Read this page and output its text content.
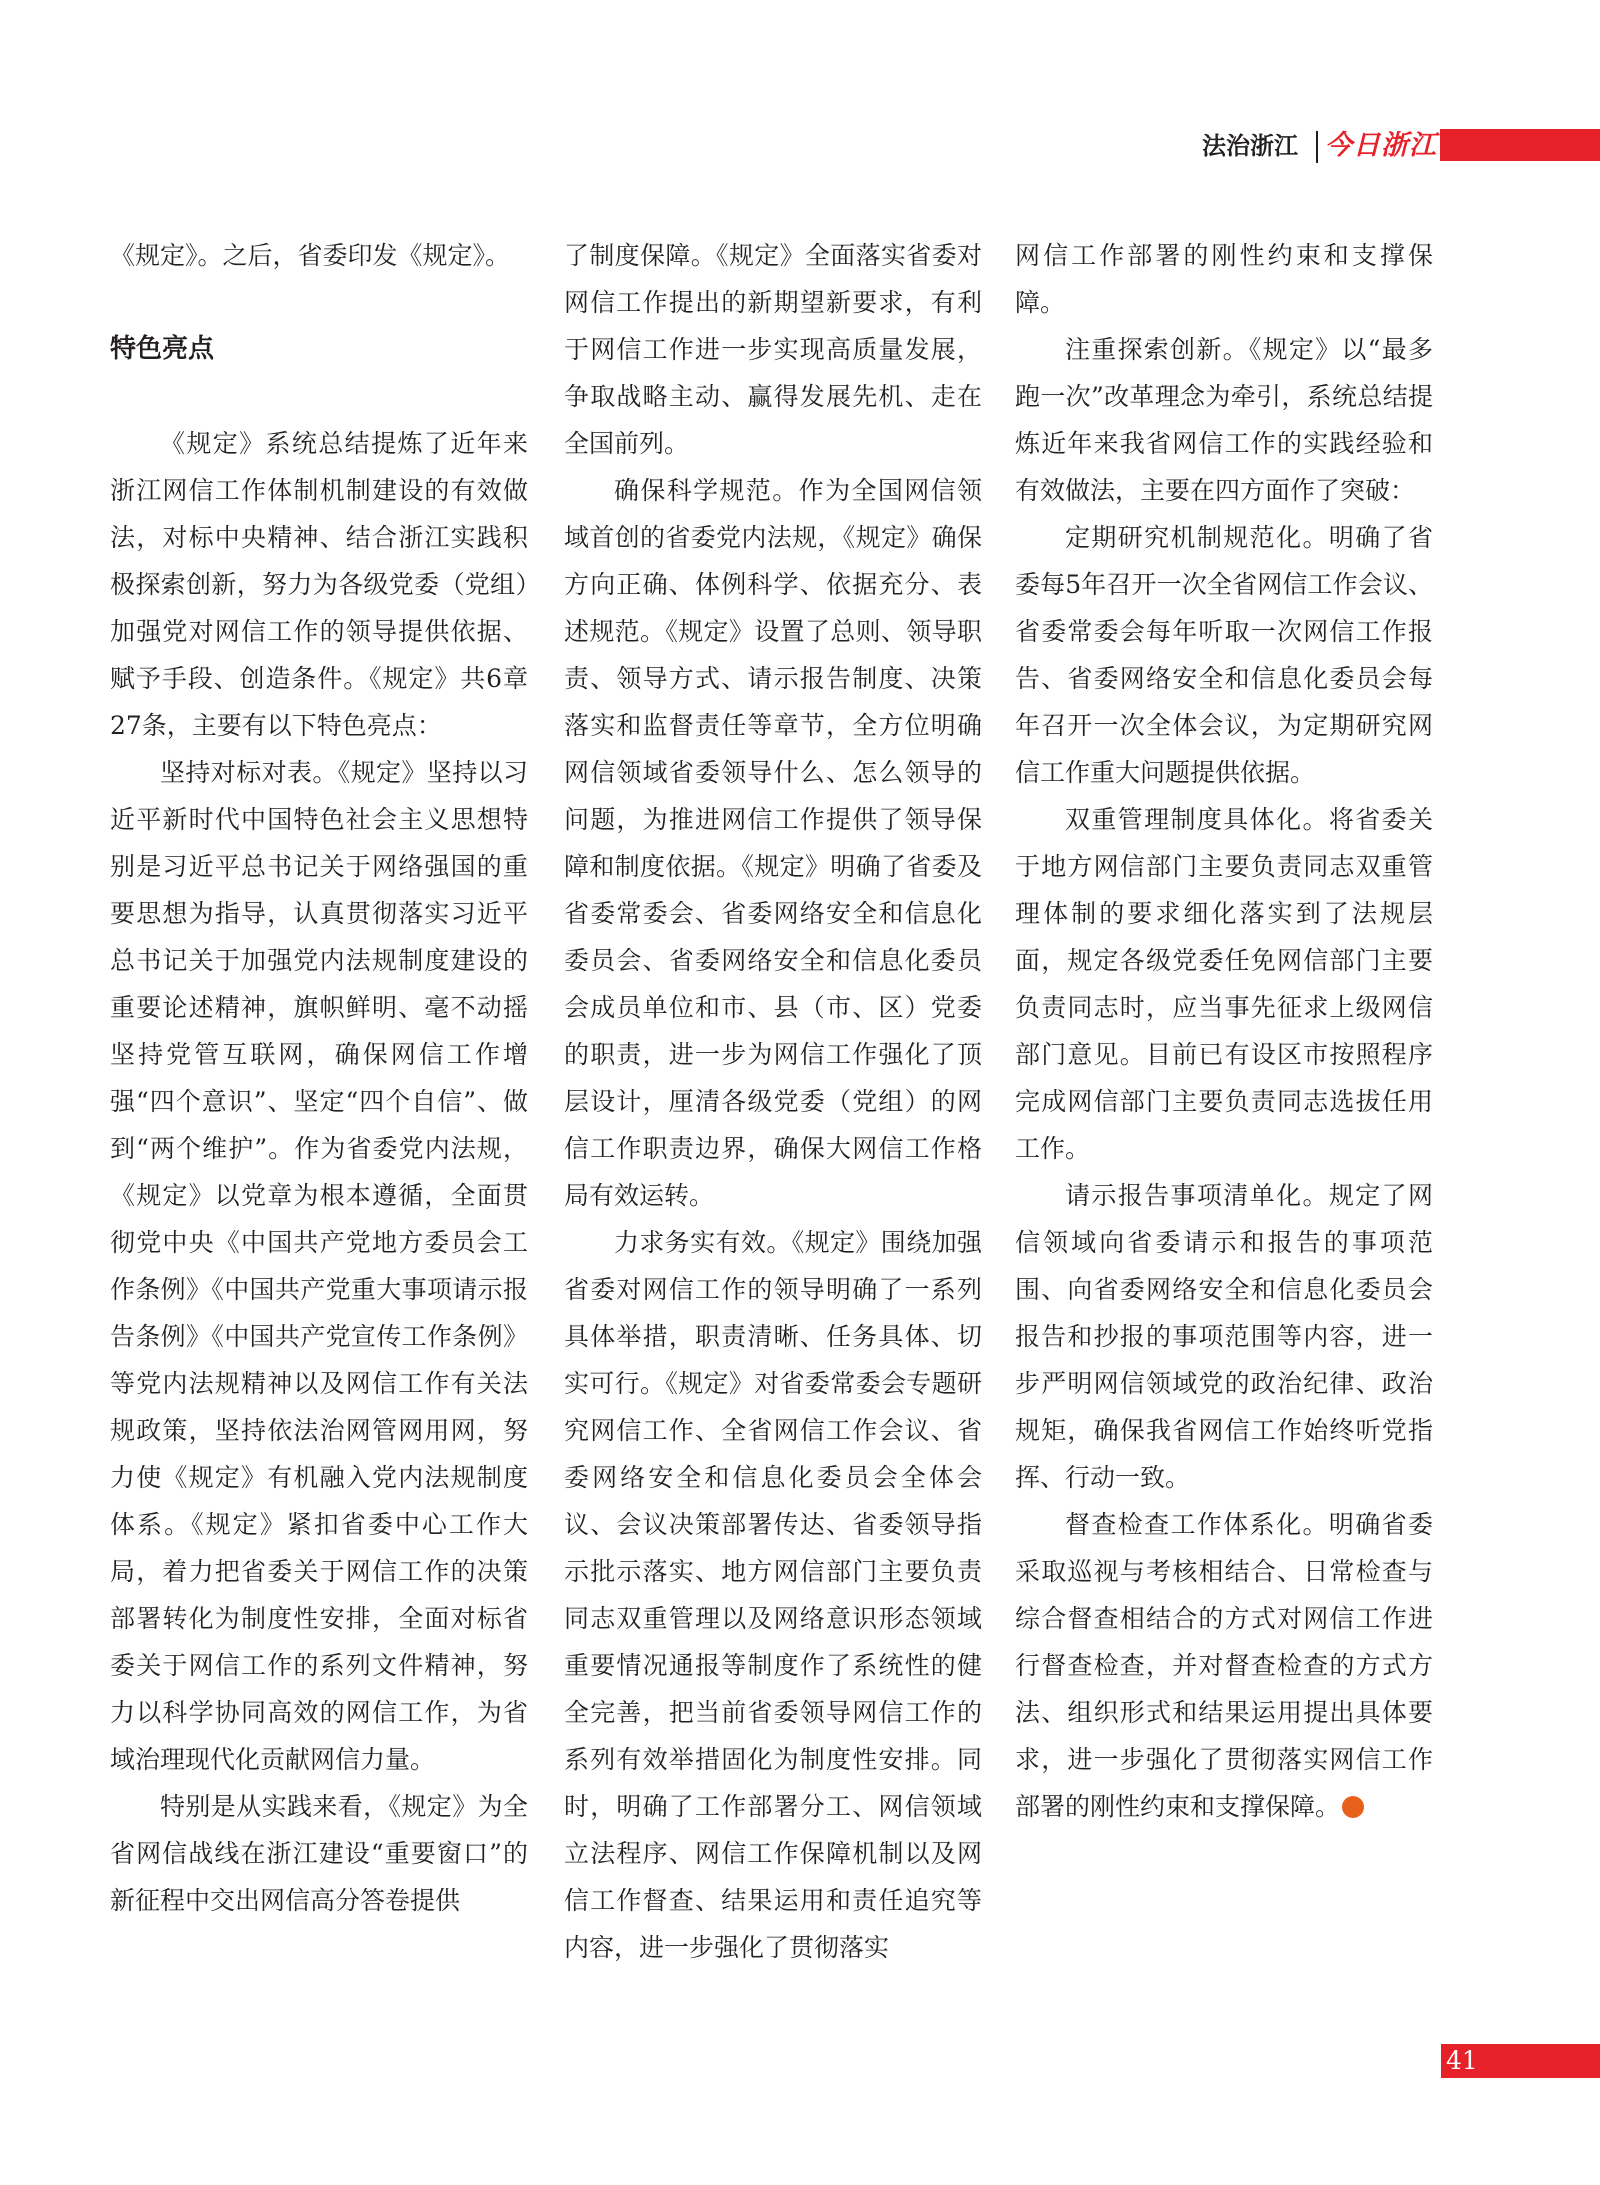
法治浙江 今日浙江

《规定》。之后，省委印发《规定》。

特色亮点

《规定》系统总结提炼了近年来浙江网信工作体制机制建设的有效做法，对标中央精神、结合浙江实践积极探索创新，努力为各级党委（党组）加强党对网信工作的领导提供依据、赋予手段、创造条件。《规定》共6章27条，主要有以下特色亮点：

坚持对标对表。《规定》坚持以习近平新时代中国特色社会主义思想特别是习近平总书记关于网络强国的重要思想为指导，认真贯彻落实习近平总书记关于加强党内法规制度建设的重要论述精神，旗帜鲜明、毫不动摇坚持党管互联网，确保网信工作增强“四个意识”、坚定“四个自信”、做到“两个维护”。作为省委党内法规，《规定》以党章为根本遵循，全面贯彻党中央《中国共产党地方委员会工作条例》《中国共产党重大事项请示报告条例》《中国共产党宣传工作条例》等党内法规精神以及网信工作有关法规政策，坚持依法治网管网用网，努力使《规定》有机融入党内法规制度体系。《规定》紧扣省委中心工作大局，着力把省委关于网信工作的决策部署转化为制度性安排，全面对标省委关于网信工作的系列文件精神，努力以科学协同高效的网信工作，为省域治理现代化贡献网信力量。

特别是从实践来看，《规定》为全省网信战线在浙江建设“重要窗口”的新征程中交出网信高分答卷提供

了制度保障。《规定》全面落实省委对网信工作提出的新期望新要求，有利于网信工作进一步实现高质量发展，争取战略主动、赢得发展先机、走在全国前列。

确保科学规范。作为全国网信领域首创的省委党内法规，《规定》确保方向正确、体例科学、依据充分、表述规范。《规定》设置了总则、领导职责、领导方式、请示报告制度、决策落实和监督责任等章节，全方位明确网信领域省委领导什么、怎么领导的问题，为推进网信工作提供了领导保障和制度依据。《规定》明确了省委及省委常委会、省委网络安全和信息化委员会、省委网络安全和信息化委员会成员单位和市、县（市、区）党委的职责，进一步为网信工作强化了顶层设计，厘清各级党委（党组）的网信工作职责边界，确保大网信工作格局有效运转。

力求务实有效。《规定》围绕加强省委对网信工作的领导明确了一系列具体举措，职责清晰、任务具体、切实可行。《规定》对省委常委会专题研究网信工作、全省网信工作会议、省委网络安全和信息化委员会全体会议、会议决策部署传达、省委领导指示批示落实、地方网信部门主要负责同志双重管理以及网络意识形态领域重要情况通报等制度作了系统性的健全完善，把当前省委领导网信工作的系列有效举措固化为制度性安排。同时，明确了工作部署分工、网信领域立法程序、网信工作保障机制以及网信工作督查、结果运用和责任追究等内容，进一步强化了贯彻落实

网信工作部署的刚性约束和支撑保障。

注重探索创新。《规定》以“最多跑一次”改革理念为牵引，系统总结提炼近年来我省网信工作的实践经验和有效做法，主要在四方面作了突破：

定期研究机制规范化。明确了省委每5年召开一次全省网信工作会议、省委常委会每年听取一次网信工作报告、省委网络安全和信息化委员会每年召开一次全体会议，为定期研究网信工作重大问题提供依据。

双重管理制度具体化。将省委关于地方网信部门主要负责同志双重管理体制的要求细化落实到了法规层面，规定各级党委任免网信部门主要负责同志时，应当事先征求上级网信部门意见。目前已有设区市按照程序完成网信部门主要负责同志选拔任用工作。

请示报告事项清单化。规定了网信领域向省委请示和报告的事项范围、向省委网络安全和信息化委员会报告和抄报的事项范围等内容，进一步严明网信领域党的政治纪律、政治规矩，确保我省网信工作始终听党指挥、行动一致。

督查检查工作体系化。明确省委采取巡视与考核相结合、日常检查与综合督查相结合的方式对网信工作进行督查检查，并对督查检查的方式方法、组织形式和结果运用提出具体要求，进一步强化了贯彻落实网信工作部署的刚性约束和支撑保障。

41
